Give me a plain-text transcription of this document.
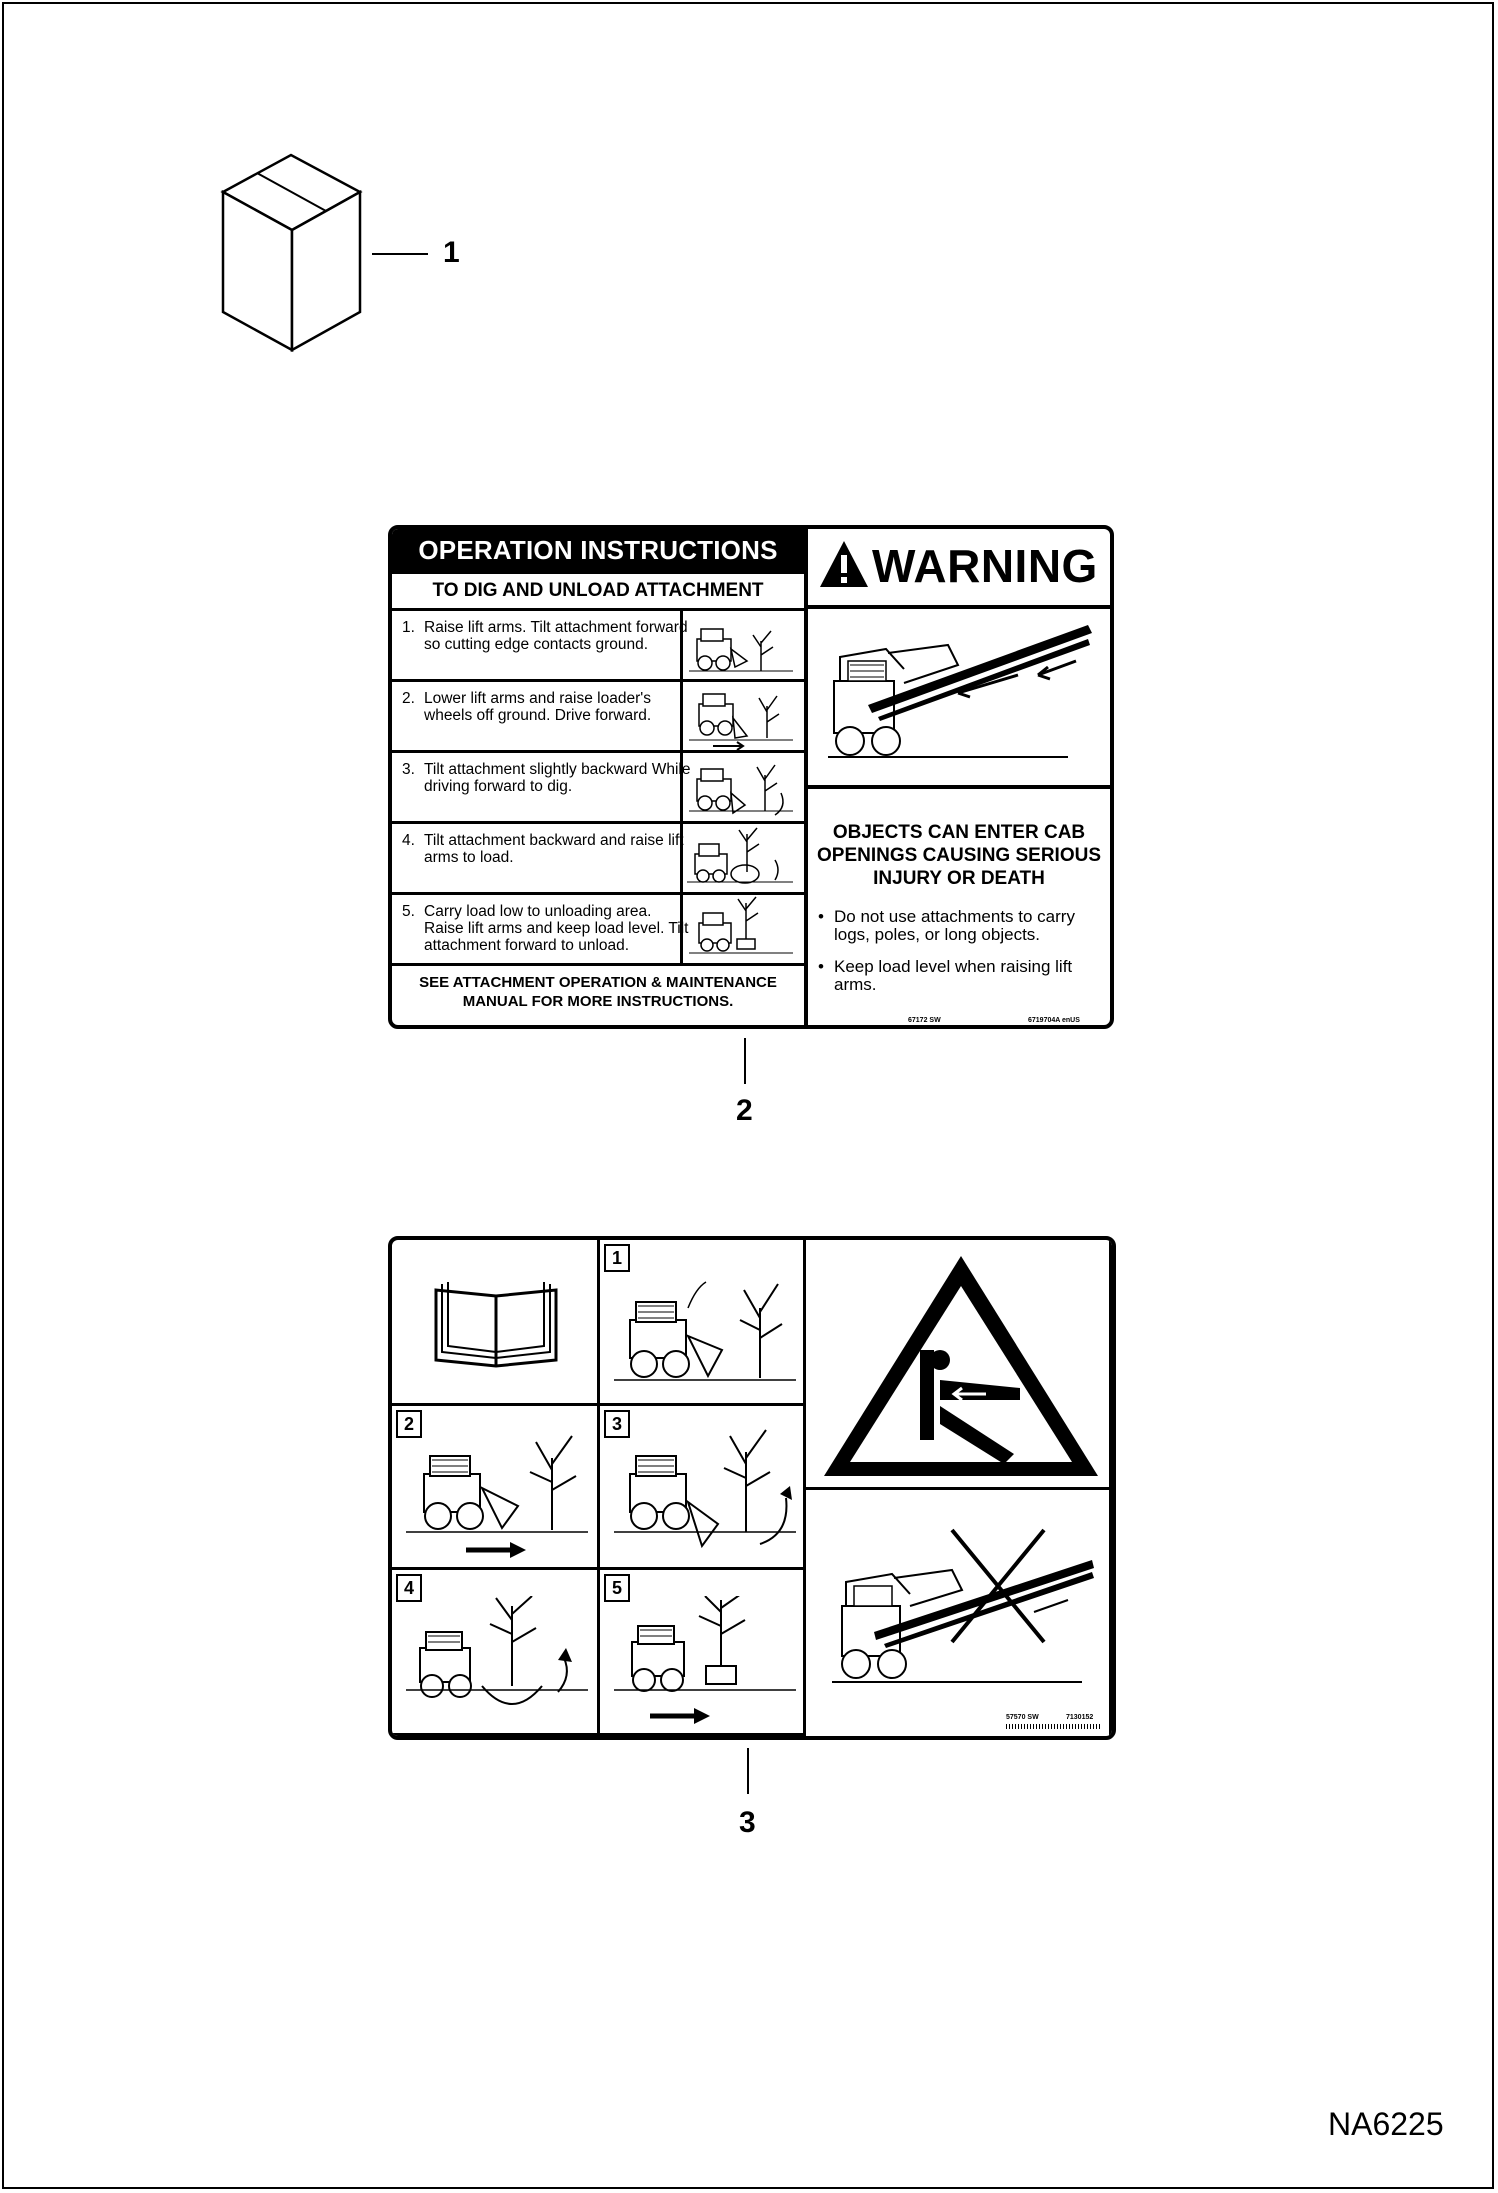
1
OPERATION INSTRUCTIONS
TO DIG AND UNLOAD ATTACHMENT
1. Raise lift arms. Tilt attachment forward so cutting edge contacts ground.
2. Lower lift arms and raise loader's wheels off ground. Drive forward.
3. Tilt attachment slightly backward While driving forward to dig.
4. Tilt attachment backward and raise lift arms to load.
5. Carry load low to unloading area. Raise lift arms and keep load level. Tilt attachment forward to unload.
SEE ATTACHMENT OPERATION & MAINTENANCE MANUAL FOR MORE INSTRUCTIONS.
WARNING
OBJECTS CAN ENTER CAB OPENINGS CAUSING SERIOUS INJURY OR DEATH
• Do not use attachments to carry logs, poles, or long objects.
• Keep load level when raising lift arms.
67172 SW	6719704A enUS
2
1
2	3
4	5
57570 SW	7130152
3
NA6225
